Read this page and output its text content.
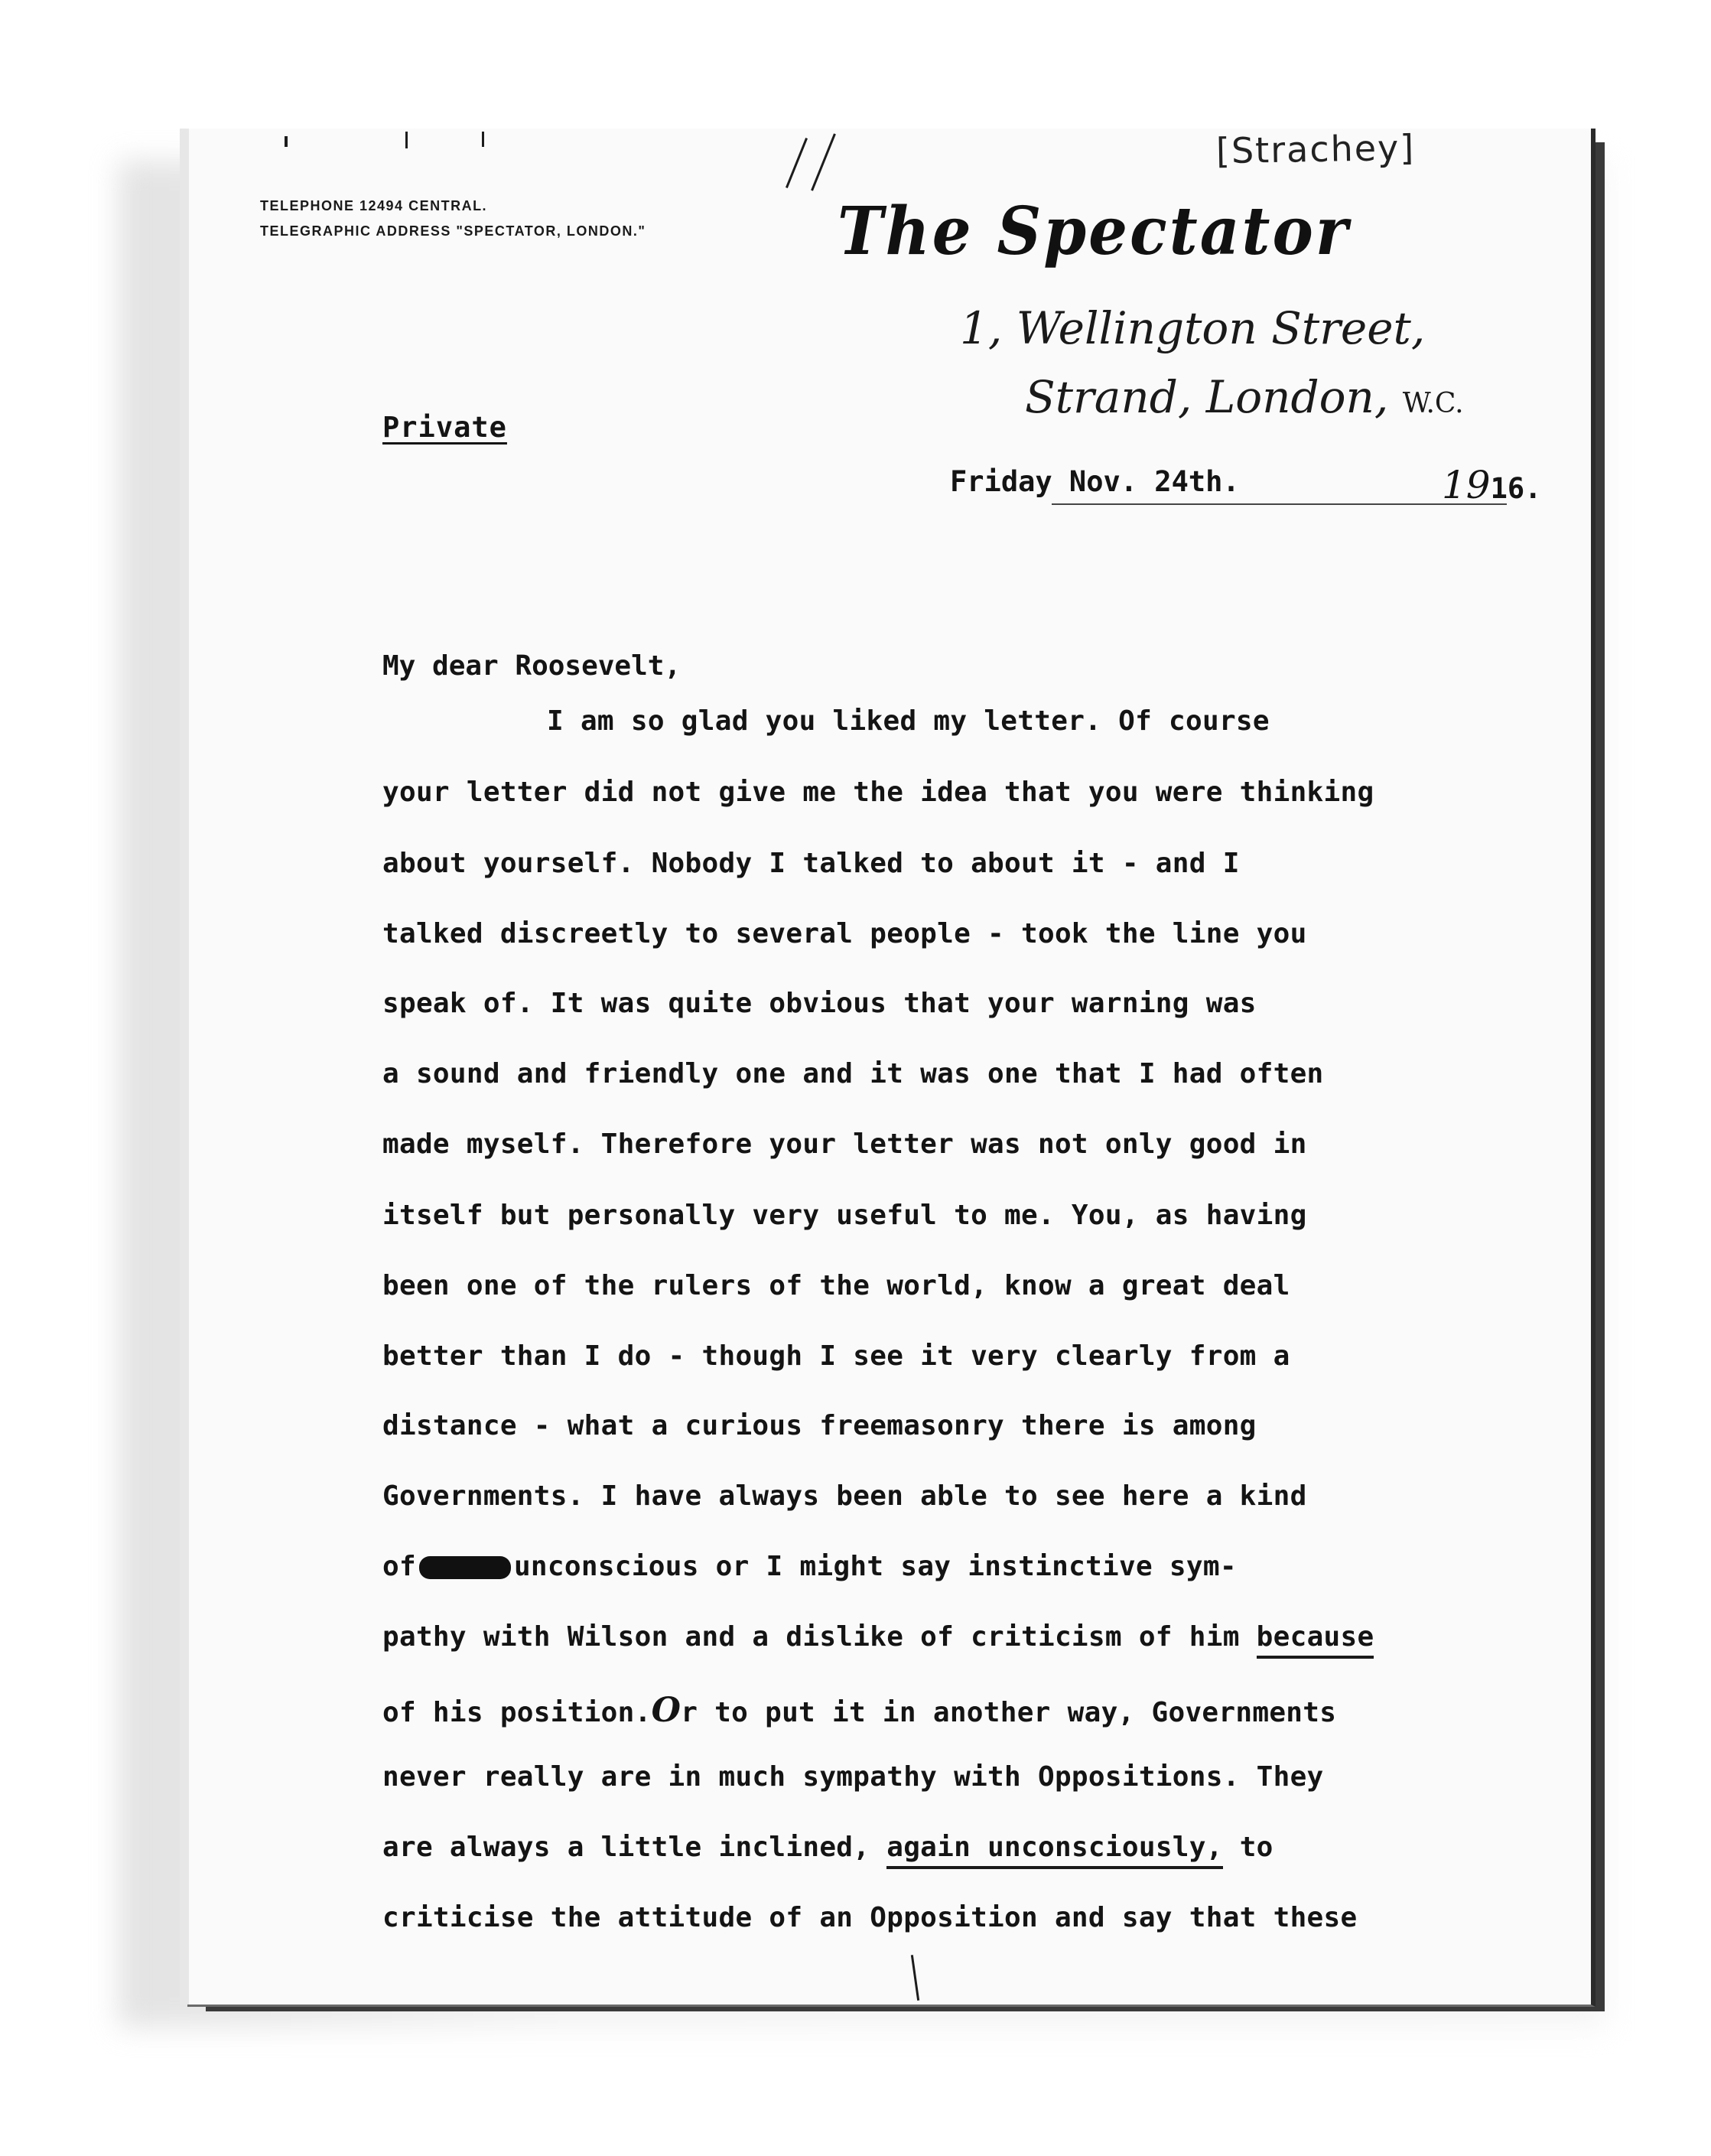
[Strachey]
TELEPHONE 12494 CENTRAL.
TELEGRAPHIC ADDRESS "SPECTATOR, LONDON."	The Spectator
1, Wellington Street,
Strand, London, W.C.
Private
Friday Nov. 24th.	1916.
My dear Roosevelt,
I am so glad you liked my letter. Of course
your letter did not give me the idea that you were thinking
about yourself. Nobody I talked to about it - and I
talked discreetly to several people - took the line you
speak of. It was quite obvious that your warning was
a sound and friendly one and it was one that I had often
made myself. Therefore your letter was not only good in
itself but personally very useful to me. You, as having
been one of the rulers of the world, know a great deal
better than I do - though I see it very clearly from a
distance - what a curious freemasonry there is among
Governments. I have always been able to see here a kind
of	unconscious or I might say instinctive sym-
pathy with Wilson and a dislike of criticism of him because
of his position.Or to put it in another way, Governments
never really are in much sympathy with Oppositions. They
are always a little inclined, again unconsciously, to
criticise the attitude of an Opposition and say that these
